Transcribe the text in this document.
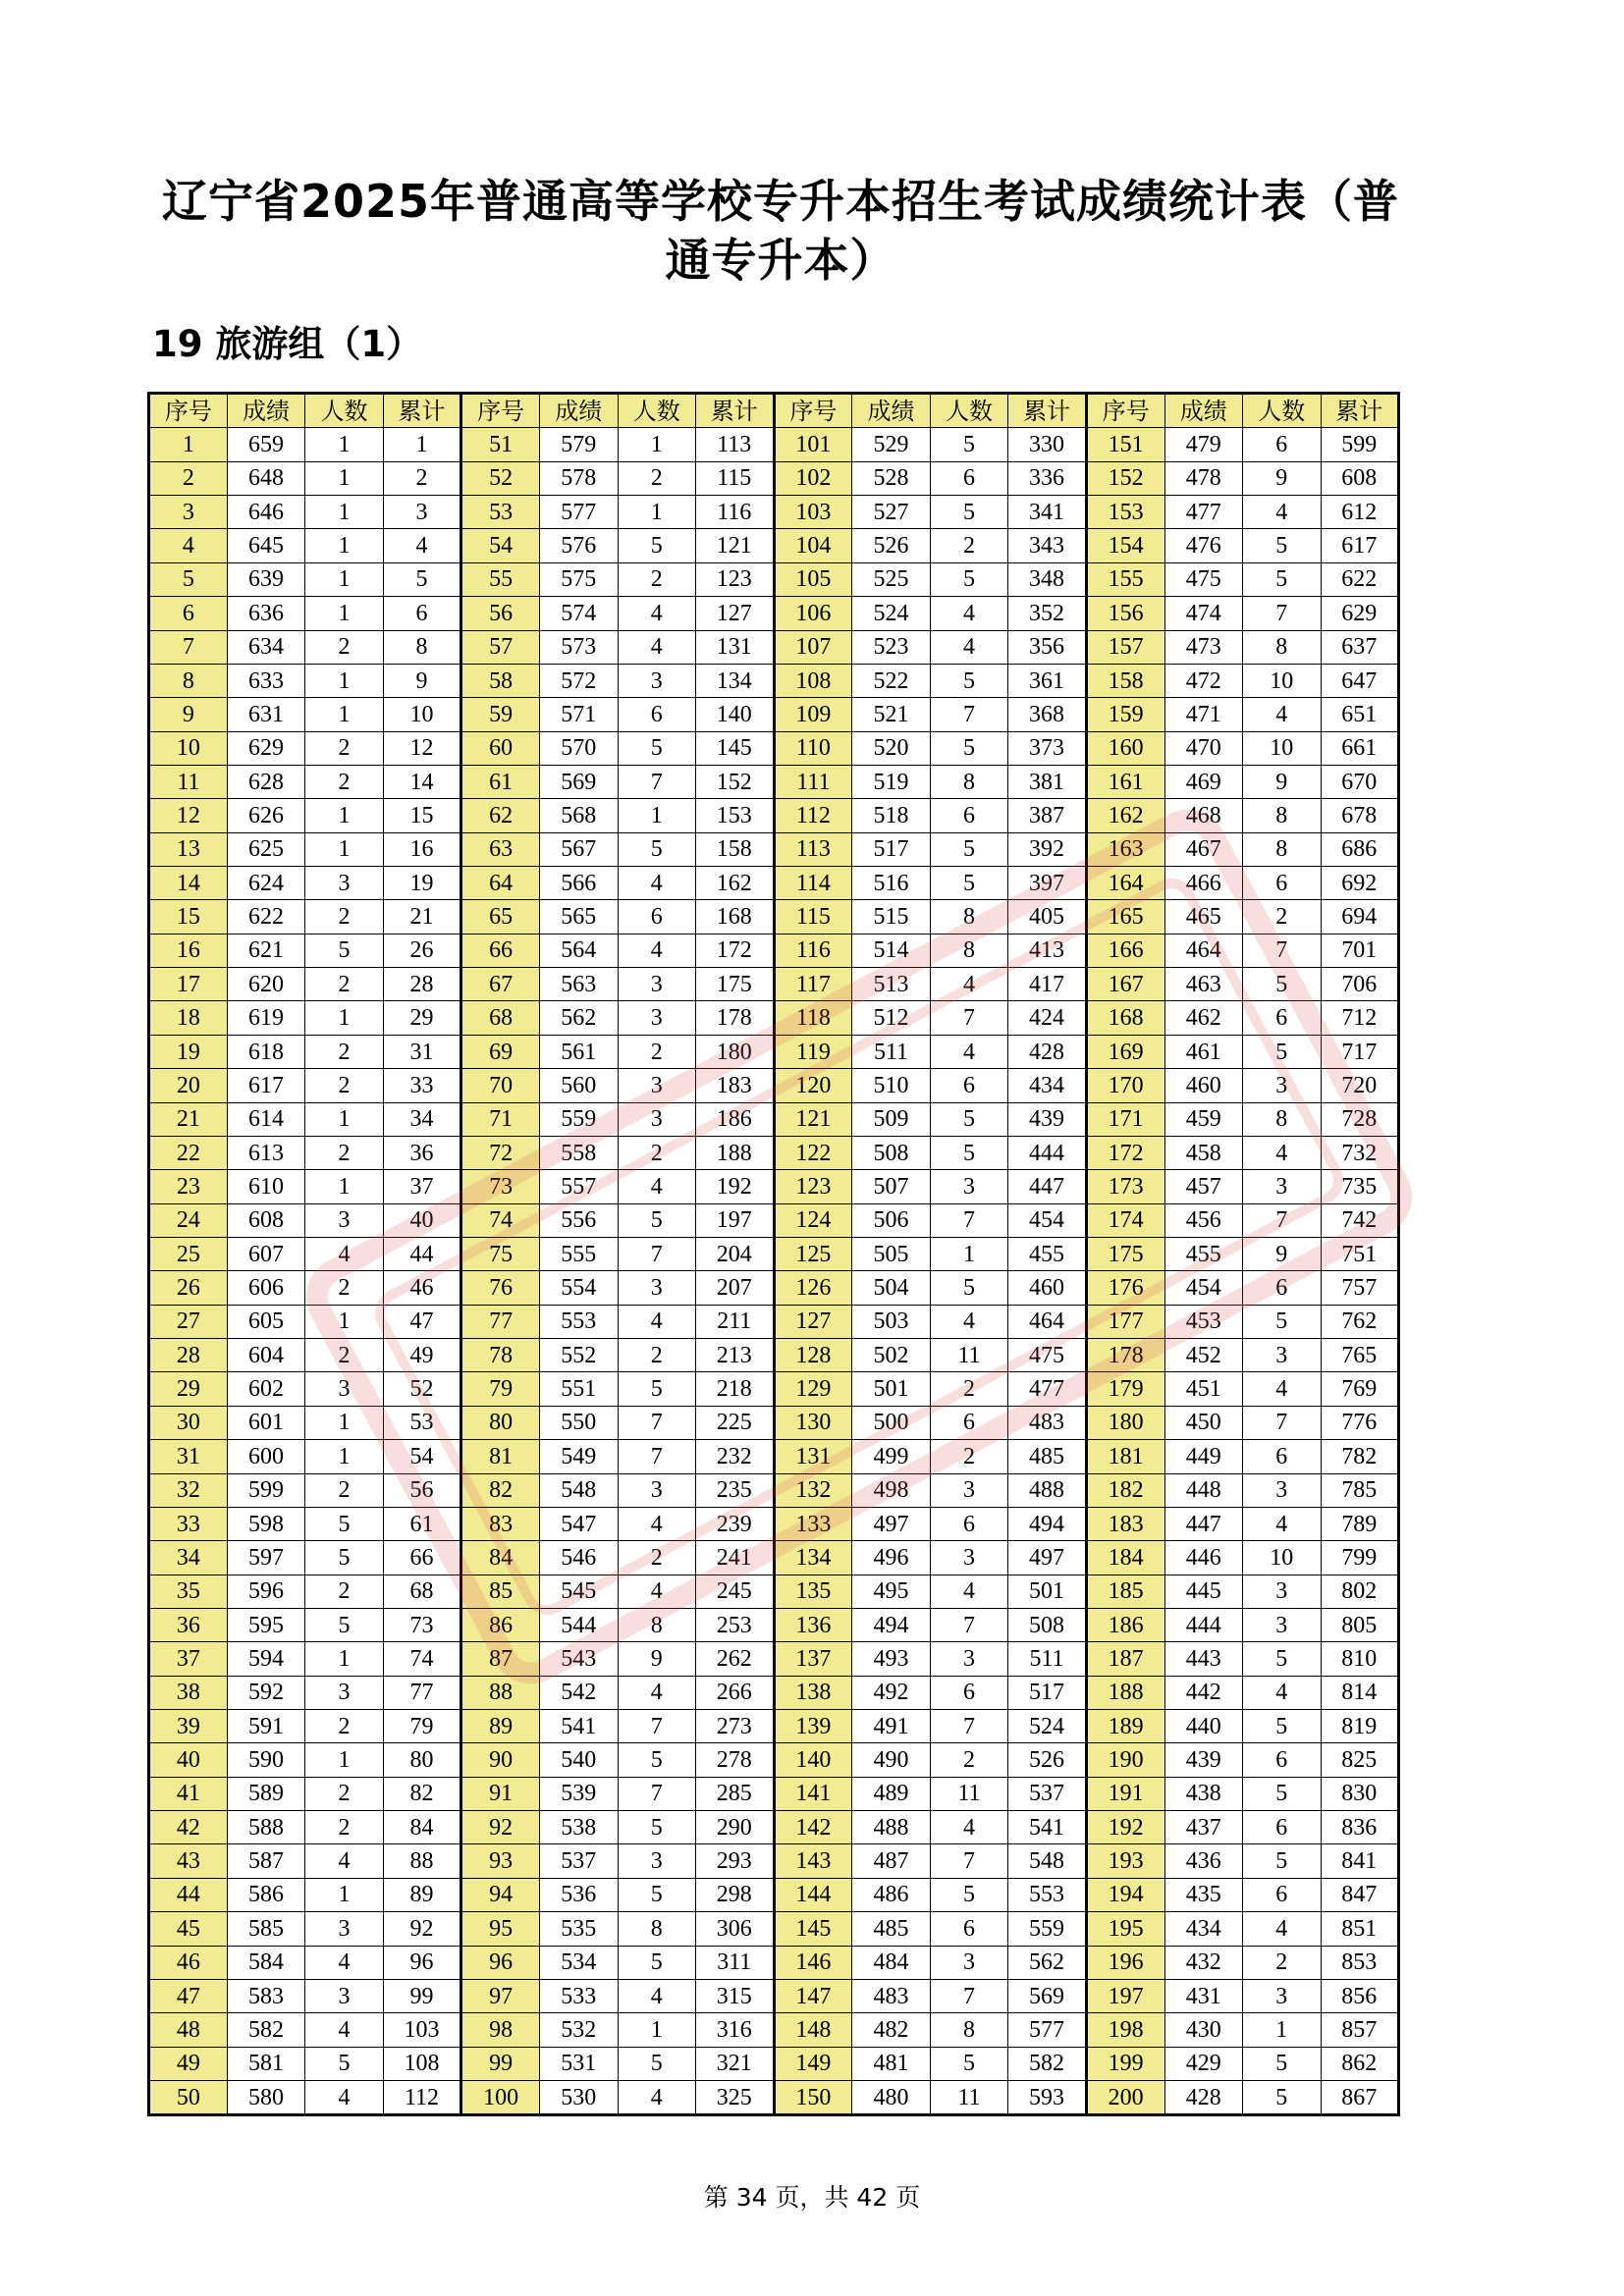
辽宁省2025年普通高等学校专升本招生考试成绩统计表（普通专升本）
19 旅游组（1）
序号	成绩	人数	累计	序号	成绩	人数	累计	序号	成绩	人数	累计	序号	成绩	人数	累计
1	659	1	1	51	579	1	113	101	529	5	330	151	479	6	599
2	648	1	2	52	578	2	115	102	528	6	336	152	478	9	608
3	646	1	3	53	577	1	116	103	527	5	341	153	477	4	612
4	645	1	4	54	576	5	121	104	526	2	343	154	476	5	617
5	639	1	5	55	575	2	123	105	525	5	348	155	475	5	622
6	636	1	6	56	574	4	127	106	524	4	352	156	474	7	629
7	634	2	8	57	573	4	131	107	523	4	356	157	473	8	637
8	633	1	9	58	572	3	134	108	522	5	361	158	472	10	647
9	631	1	10	59	571	6	140	109	521	7	368	159	471	4	651
10	629	2	12	60	570	5	145	110	520	5	373	160	470	10	661
11	628	2	14	61	569	7	152	111	519	8	381	161	469	9	670
12	626	1	15	62	568	1	153	112	518	6	387	162	468	8	678
13	625	1	16	63	567	5	158	113	517	5	392	163	467	8	686
14	624	3	19	64	566	4	162	114	516	5	397	164	466	6	692
15	622	2	21	65	565	6	168	115	515	8	405	165	465	2	694
16	621	5	26	66	564	4	172	116	514	8	413	166	464	7	701
17	620	2	28	67	563	3	175	117	513	4	417	167	463	5	706
18	619	1	29	68	562	3	178	118	512	7	424	168	462	6	712
19	618	2	31	69	561	2	180	119	511	4	428	169	461	5	717
20	617	2	33	70	560	3	183	120	510	6	434	170	460	3	720
21	614	1	34	71	559	3	186	121	509	5	439	171	459	8	728
22	613	2	36	72	558	2	188	122	508	5	444	172	458	4	732
23	610	1	37	73	557	4	192	123	507	3	447	173	457	3	735
24	608	3	40	74	556	5	197	124	506	7	454	174	456	7	742
25	607	4	44	75	555	7	204	125	505	1	455	175	455	9	751
26	606	2	46	76	554	3	207	126	504	5	460	176	454	6	757
27	605	1	47	77	553	4	211	127	503	4	464	177	453	5	762
28	604	2	49	78	552	2	213	128	502	11	475	178	452	3	765
29	602	3	52	79	551	5	218	129	501	2	477	179	451	4	769
30	601	1	53	80	550	7	225	130	500	6	483	180	450	7	776
31	600	1	54	81	549	7	232	131	499	2	485	181	449	6	782
32	599	2	56	82	548	3	235	132	498	3	488	182	448	3	785
33	598	5	61	83	547	4	239	133	497	6	494	183	447	4	789
34	597	5	66	84	546	2	241	134	496	3	497	184	446	10	799
35	596	2	68	85	545	4	245	135	495	4	501	185	445	3	802
36	595	5	73	86	544	8	253	136	494	7	508	186	444	3	805
37	594	1	74	87	543	9	262	137	493	3	511	187	443	5	810
38	592	3	77	88	542	4	266	138	492	6	517	188	442	4	814
39	591	2	79	89	541	7	273	139	491	7	524	189	440	5	819
40	590	1	80	90	540	5	278	140	490	2	526	190	439	6	825
41	589	2	82	91	539	7	285	141	489	11	537	191	438	5	830
42	588	2	84	92	538	5	290	142	488	4	541	192	437	6	836
43	587	4	88	93	537	3	293	143	487	7	548	193	436	5	841
44	586	1	89	94	536	5	298	144	486	5	553	194	435	6	847
45	585	3	92	95	535	8	306	145	485	6	559	195	434	4	851
46	584	4	96	96	534	5	311	146	484	3	562	196	432	2	853
47	583	3	99	97	533	4	315	147	483	7	569	197	431	3	856
48	582	4	103	98	532	1	316	148	482	8	577	198	430	1	857
49	581	5	108	99	531	5	321	149	481	5	582	199	429	5	862
50	580	4	112	100	530	4	325	150	480	11	593	200	428	5	867
第 34 页，共 42 页
